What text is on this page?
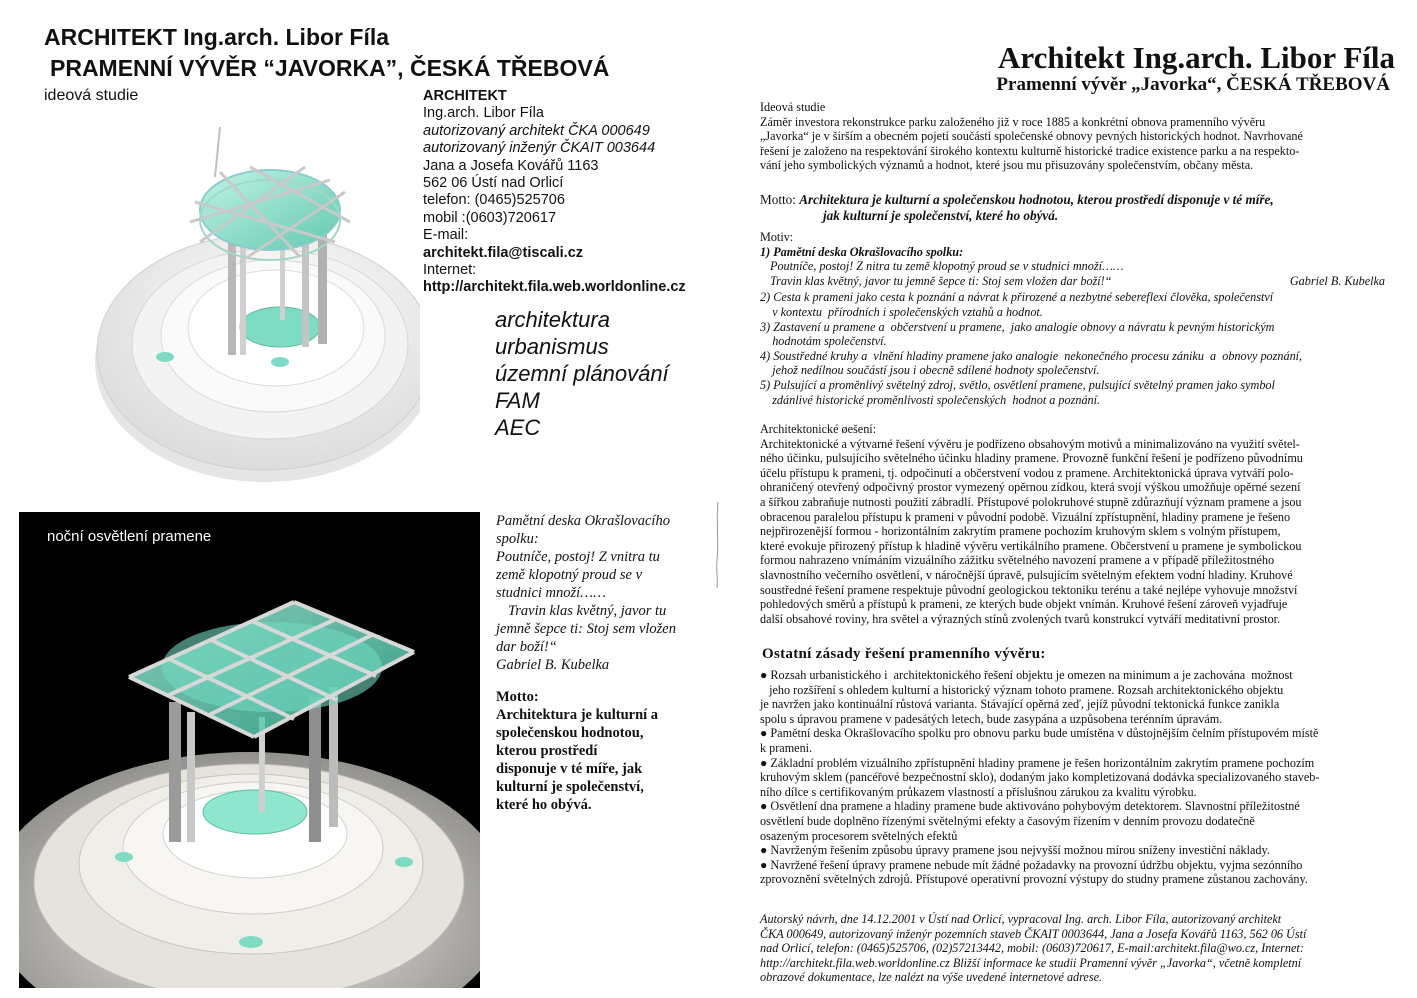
ARCHITEKT Ing.arch. Libor Fíla
PRAMENNÍ VÝVĚR “JAVORKA”, ČESKÁ TŘEBOVÁ
ideová studie	ARCHITEKT
Ing.arch. Libor Fíla
autorizovaný architekt ČKA 000649
autorizovaný inženýr ČKAIT 003644
Jana a Josefa Kovářů 1163
562 06 Ústí nad Orlicí
telefon: (0465)525706
mobil :(0603)720617
E-mail:
architekt.fila@tiscali.cz
Internet:
http://architekt.fila.web.worldonline.cz
architektura
urbanismus
územní plánování
FAM
AEC
noční osvětlení pramene
Pamětní deska Okrašlovacího
spolku:
Poutníče, postoj! Z vnitra tu
země klopotný proud se v
studnici množí……
Travin klas květný, javor tu
jemně šepce ti: Stoj sem vložen
dar boží!“
Gabriel B. Kubelka
Motto:
Architektura je kulturní a
společenskou hodnotou,
kterou prostředí
disponuje v té míře, jak
kulturní je společenství,
které ho obývá.
Architekt Ing.arch. Libor Fíla
Pramenní vývěr „Javorka“, ČESKÁ TŘEBOVÁ
Ideová studie
Záměr investora rekonstrukce parku založeného již v roce 1885 a konkrétní obnova pramenního vývěru
„Javorka“ je v širším a obecném pojetí součástí společenské obnovy pevných historických hodnot. Navrhované
řešení je založeno na respektování širokého kontextu kulturně historické tradice existence parku a na respekto-
vání jeho symbolických významů a hodnot, které jsou mu přisuzovány společenstvím, občany města.
Motto: Architektura je kulturní a společenskou hodnotou, kterou prostředí disponuje v té míře,
jak kulturní je společenství, které ho obývá.
Motiv:
1) Pamětní deska Okrašlovacího spolku:
Poutníče, postoj! Z nitra tu země klopotný proud se v studnici množí……
Travin klas květný, javor tu jemně šepce ti: Stoj sem vložen dar boží!“	Gabriel B. Kubelka
2) Cesta k prameni jako cesta k poznání a návrat k přirozené a nezbytné sebereflexi člověka, společenství
v kontextu  přírodních i společenských vztahů a hodnot.
3) Zastavení u pramene a  občerstvení u pramene,  jako analogie obnovy a návratu k pevným historickým
hodnotám společenství.
4) Soustředné kruhy a  vlnění hladiny pramene jako analogie  nekonečného procesu zániku  a  obnovy poznání,
jehož nedílnou součástí jsou i obecně sdílené hodnoty společenství.
5) Pulsující a proměnlivý světelný zdroj, světlo, osvětlení pramene, pulsující světelný pramen jako symbol
zdánlivé historické proměnlivosti společenských  hodnot a poznání.
Architektonické øešení:
Architektonické a výtvarné řešení vývěru je podřízeno obsahovým motivů a minimalizováno na využití světel-
ného účinku, pulsujícího světelného účinku hladiny pramene. Provozně funkční řešení je podřízeno původnímu
účelu přístupu k prameni, tj. odpočinutí a občerstvení vodou z pramene. Architektonická úprava vytváří polo-
ohraničený otevřený odpočivný prostor vymezený opěrnou zídkou, která svojí výškou umožňuje opěrné sezení
a šířkou zabraňuje nutnosti použití zábradlí. Přístupové polokruhové stupně zdůrazňují význam pramene a jsou
obracenou paralelou přístupu k prameni v původní podobě. Vizuální zpřístupnění, hladiny pramene je řešeno
nejpřirozenější formou - horizontálním zakrytím pramene pochozím kruhovým sklem s volným přístupem,
které evokuje přirozený přístup k hladině vývěru vertikálního pramene. Občerstvení u pramene je symbolickou
formou nahrazeno vnímáním vizuálního zážitku světelného navození pramene a v případě příležitostného
slavnostního večerního osvětlení, v náročnější úpravě, pulsujícím světelným efektem vodní hladiny. Kruhové
soustředné řešení pramene respektuje původní geologickou tektoniku terénu a také nejlépe vyhovuje množství
pohledových směrů a přístupů k prameni, ze kterých bude objekt vnímán. Kruhové řešení zároveň vyjadřuje
další obsahové roviny, hra světel a výrazných stínů zvolených tvarů konstrukcí vytváří meditativní prostor.
Ostatní zásady řešení pramenního vývěru:
● Rozsah urbanistického i  architektonického řešení objektu je omezen na minimum a je zachována  možnost
jeho rozšíření s ohledem kulturní a historický význam tohoto pramene. Rozsah architektonického objektu
je navržen jako kontinuální růstová varianta. Stávající opěrná zeď, jejíž původní tektonická funkce zanikla
spolu s úpravou pramene v padesátých letech, bude zasypána a uzpůsobena terénním úpravám.
● Pamětní deska Okrašlovacího spolku pro obnovu parku bude umístěna v důstojnějším čelním přístupovém místě
k prameni.
● Základní problém vizuálního zpřístupnění hladiny pramene je řešen horizontálním zakrytím pramene pochozím
kruhovým sklem (pancéřové bezpečnostní sklo), dodaným jako kompletizovaná dodávka specializovaného staveb-
ního dílce s certifikovaným průkazem vlastností a příslušnou zárukou za kvalitu výrobku.
● Osvětlení dna pramene a hladiny pramene bude aktivováno pohybovým detektorem. Slavnostní příležitostné
osvětlení bude doplněno řízenými světelnými efekty a časovým řízením v denním provozu dodatečně
osazeným procesorem světelných efektů
● Navrženým řešením způsobu úpravy pramene jsou nejvyšší možnou mírou sníženy investiční náklady.
● Navržené řešení úpravy pramene nebude mít žádné požadavky na provozní údržbu objektu, vyjma sezónního
zprovoznění světelných zdrojů. Přístupové operativní provozní výstupy do studny pramene zůstanou zachovány.
Autorský návrh, dne 14.12.2001 v Ústí nad Orlicí, vypracoval Ing. arch. Libor Fíla, autorizovaný architekt
ČKA 000649, autorizovaný inženýr pozemních staveb ČKAIT 0003644, Jana a Josefa Kovářů 1163, 562 06 Ústí
nad Orlicí, telefon: (0465)525706, (02)57213442, mobil: (0603)720617, E-mail:architekt.fila@wo.cz, Internet:
http://architekt.fila.web.worldonline.cz Bližší informace ke studii Pramenní vývěr „Javorka“, včetně kompletní
obrazové dokumentace, lze nalézt na výše uvedené internetové adrese.
